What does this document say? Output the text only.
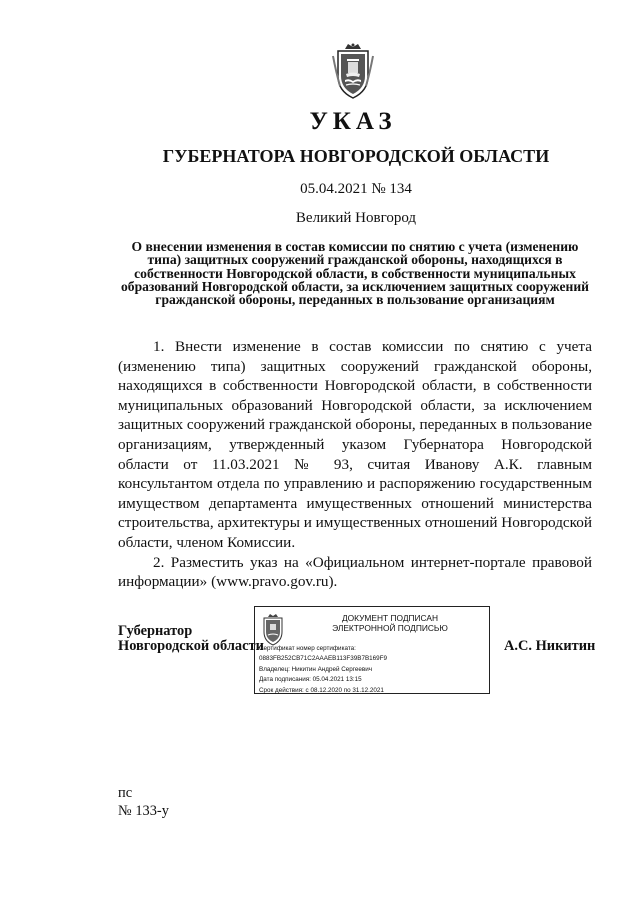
УКАЗ
ГУБЕРНАТОРА НОВГОРОДСКОЙ ОБЛАСТИ
05.04.2021 № 134
Великий Новгород
О внесении изменения в состав комиссии по снятию с учета (изменению типа) защитных сооружений гражданской обороны, находящихся в собственности Новгородской области, в собственности муниципальных образований Новгородской области, за исключением защитных сооружений гражданской обороны, переданных в пользование организациям

1. Внести изменение в состав комиссии по снятию с учета (изменению типа) защитных сооружений гражданской обороны, находящихся в собственности Новгородской области, в собственности муниципальных образований Новгородской области, за исключением защитных сооружений гражданской обороны, переданных в пользование организациям, утвержденный указом Губернатора Новгородской области от 11.03.2021 № 93, считая Иванову А.К. главным консультантом отдела по управлению и распоряжению государственным имуществом департамента имущественных отношений министерства строительства, архитектуры и имущественных отношений Новгородской области, членом Комиссии.

2. Разместить указ на «Официальном интернет-портале правовой информации» (www.pravo.gov.ru).

Губернатор
Новгородской области
ДОКУМЕНТ ПОДПИСАН
ЭЛЕКТРОННОЙ ПОДПИСЬЮ
Сертификат номер сертификата:
0883FB252CB71C2AAAEB113F39B7B169F9
Владелец: Никитин Андрей Сергеевич
Дата подписания: 05.04.2021 13:15
Срок действия: с 08.12.2020 по 31.12.2021
А.С. Никитин
пс
№ 133-у
